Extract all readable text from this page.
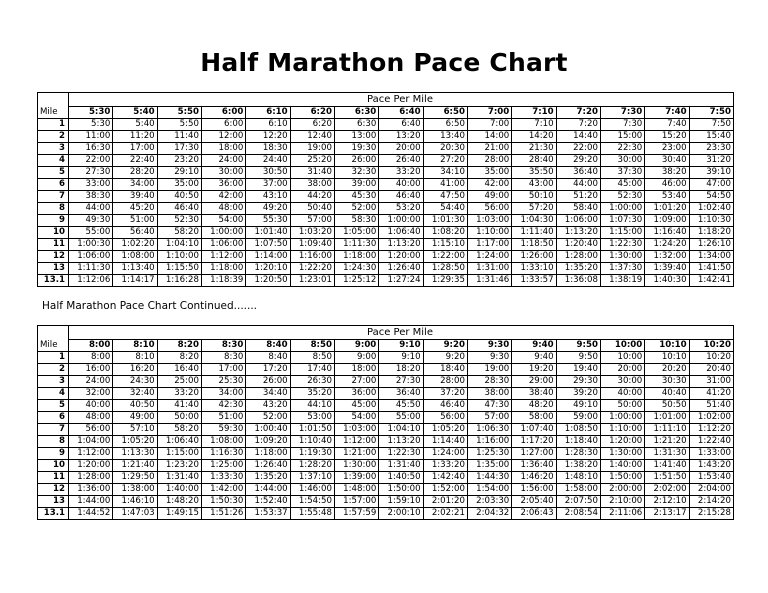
Half Marathon Pace Chart
Mile	Pace Per Mile														
	5:30	5:40	5:50	6:00	6:10	6:20	6:30	6:40	6:50	7:00	7:10	7:20	7:30	7:40	7:50
1	5:30	5:40	5:50	6:00	6:10	6:20	6:30	6:40	6:50	7:00	7:10	7:20	7:30	7:40	7:50
2	11:00	11:20	11:40	12:00	12:20	12:40	13:00	13:20	13:40	14:00	14:20	14:40	15:00	15:20	15:40
3	16:30	17:00	17:30	18:00	18:30	19:00	19:30	20:00	20:30	21:00	21:30	22:00	22:30	23:00	23:30
4	22:00	22:40	23:20	24:00	24:40	25:20	26:00	26:40	27:20	28:00	28:40	29:20	30:00	30:40	31:20
5	27:30	28:20	29:10	30:00	30:50	31:40	32:30	33:20	34:10	35:00	35:50	36:40	37:30	38:20	39:10
6	33:00	34:00	35:00	36:00	37:00	38:00	39:00	40:00	41:00	42:00	43:00	44:00	45:00	46:00	47:00
7	38:30	39:40	40:50	42:00	43:10	44:20	45:30	46:40	47:50	49:00	50:10	51:20	52:30	53:40	54:50
8	44:00	45:20	46:40	48:00	49:20	50:40	52:00	53:20	54:40	56:00	57:20	58:40	1:00:00	1:01:20	1:02:40
9	49:30	51:00	52:30	54:00	55:30	57:00	58:30	1:00:00	1:01:30	1:03:00	1:04:30	1:06:00	1:07:30	1:09:00	1:10:30
10	55:00	56:40	58:20	1:00:00	1:01:40	1:03:20	1:05:00	1:06:40	1:08:20	1:10:00	1:11:40	1:13:20	1:15:00	1:16:40	1:18:20
11	1:00:30	1:02:20	1:04:10	1:06:00	1:07:50	1:09:40	1:11:30	1:13:20	1:15:10	1:17:00	1:18:50	1:20:40	1:22:30	1:24:20	1:26:10
12	1:06:00	1:08:00	1:10:00	1:12:00	1:14:00	1:16:00	1:18:00	1:20:00	1:22:00	1:24:00	1:26:00	1:28:00	1:30:00	1:32:00	1:34:00
13	1:11:30	1:13:40	1:15:50	1:18:00	1:20:10	1:22:20	1:24:30	1:26:40	1:28:50	1:31:00	1:33:10	1:35:20	1:37:30	1:39:40	1:41:50
13.1	1:12:06	1:14:17	1:16:28	1:18:39	1:20:50	1:23:01	1:25:12	1:27:24	1:29:35	1:31:46	1:33:57	1:36:08	1:38:19	1:40:30	1:42:41
Half Marathon Pace Chart Continued.......
Mile	Pace Per Mile														
	8:00	8:10	8:20	8:30	8:40	8:50	9:00	9:10	9:20	9:30	9:40	9:50	10:00	10:10	10:20
1	8:00	8:10	8:20	8:30	8:40	8:50	9:00	9:10	9:20	9:30	9:40	9:50	10:00	10:10	10:20
2	16:00	16:20	16:40	17:00	17:20	17:40	18:00	18:20	18:40	19:00	19:20	19:40	20:00	20:20	20:40
3	24:00	24:30	25:00	25:30	26:00	26:30	27:00	27:30	28:00	28:30	29:00	29:30	30:00	30:30	31:00
4	32:00	32:40	33:20	34:00	34:40	35:20	36:00	36:40	37:20	38:00	38:40	39:20	40:00	40:40	41:20
5	40:00	40:50	41:40	42:30	43:20	44:10	45:00	45:50	46:40	47:30	48:20	49:10	50:00	50:50	51:40
6	48:00	49:00	50:00	51:00	52:00	53:00	54:00	55:00	56:00	57:00	58:00	59:00	1:00:00	1:01:00	1:02:00
7	56:00	57:10	58:20	59:30	1:00:40	1:01:50	1:03:00	1:04:10	1:05:20	1:06:30	1:07:40	1:08:50	1:10:00	1:11:10	1:12:20
8	1:04:00	1:05:20	1:06:40	1:08:00	1:09:20	1:10:40	1:12:00	1:13:20	1:14:40	1:16:00	1:17:20	1:18:40	1:20:00	1:21:20	1:22:40
9	1:12:00	1:13:30	1:15:00	1:16:30	1:18:00	1:19:30	1:21:00	1:22:30	1:24:00	1:25:30	1:27:00	1:28:30	1:30:00	1:31:30	1:33:00
10	1:20:00	1:21:40	1:23:20	1:25:00	1:26:40	1:28:20	1:30:00	1:31:40	1:33:20	1:35:00	1:36:40	1:38:20	1:40:00	1:41:40	1:43:20
11	1:28:00	1:29:50	1:31:40	1:33:30	1:35:20	1:37:10	1:39:00	1:40:50	1:42:40	1:44:30	1:46:20	1:48:10	1:50:00	1:51:50	1:53:40
12	1:36:00	1:38:00	1:40:00	1:42:00	1:44:00	1:46:00	1:48:00	1:50:00	1:52:00	1:54:00	1:56:00	1:58:00	2:00:00	2:02:00	2:04:00
13	1:44:00	1:46:10	1:48:20	1:50:30	1:52:40	1:54:50	1:57:00	1:59:10	2:01:20	2:03:30	2:05:40	2:07:50	2:10:00	2:12:10	2:14:20
13.1	1:44:52	1:47:03	1:49:15	1:51:26	1:53:37	1:55:48	1:57:59	2:00:10	2:02:21	2:04:32	2:06:43	2:08:54	2:11:06	2:13:17	2:15:28
